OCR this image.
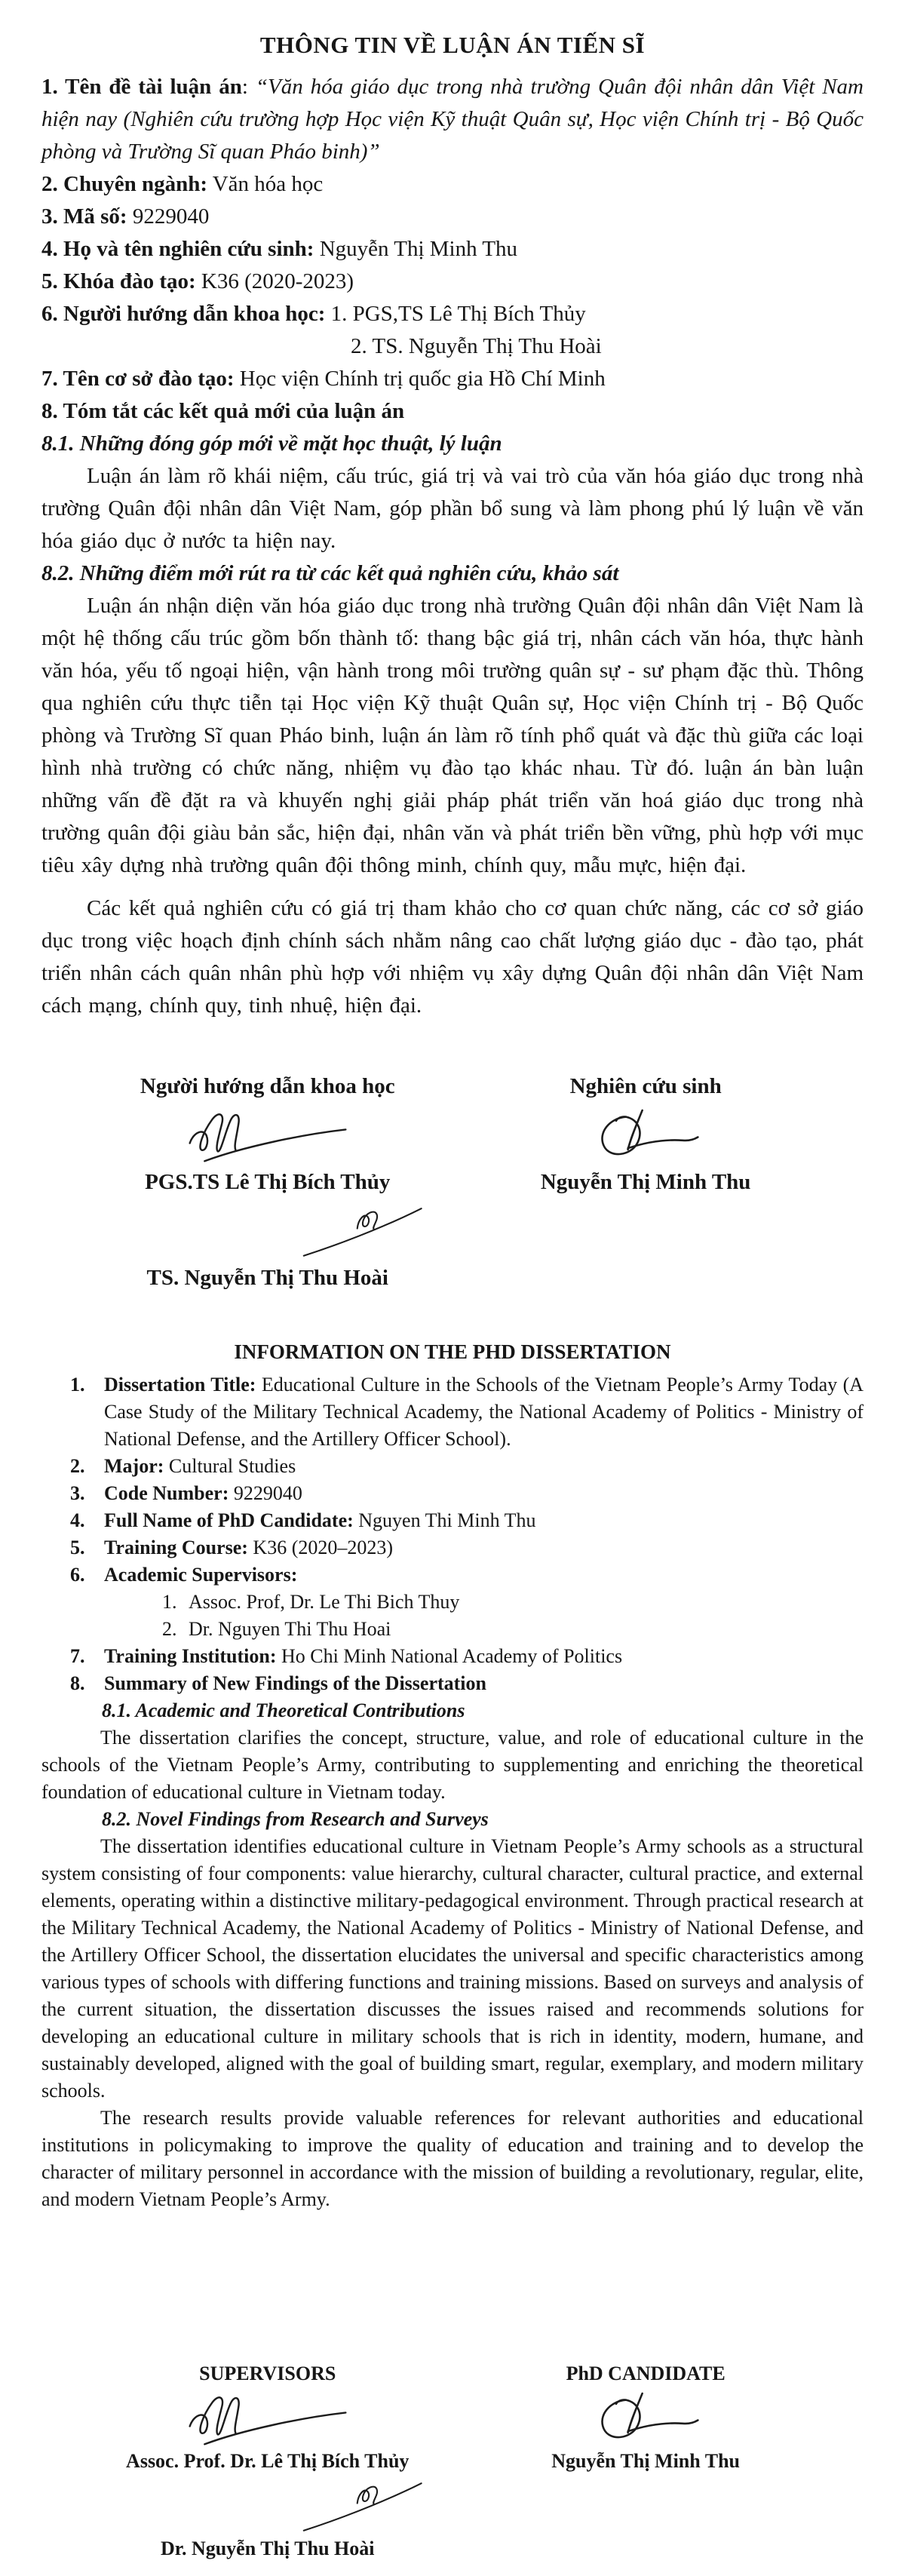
THÔNG TIN VỀ LUẬN ÁN TIẾN SĨ

1. Tên đề tài luận án: “Văn hóa giáo dục trong nhà trường Quân đội nhân dân Việt Nam hiện nay (Nghiên cứu trường hợp Học viện Kỹ thuật Quân sự, Học viện Chính trị - Bộ Quốc phòng và Trường Sĩ quan Pháo binh)”

2. Chuyên ngành: Văn hóa học

3. Mã số: 9229040

4. Họ và tên nghiên cứu sinh: Nguyễn Thị Minh Thu

5. Khóa đào tạo: K36 (2020-2023)

6. Người hướng dẫn khoa học: 1. PGS,TS Lê Thị Bích Thủy

2. TS. Nguyễn Thị Thu Hoài

7. Tên cơ sở đào tạo: Học viện Chính trị quốc gia Hồ Chí Minh

8. Tóm tắt các kết quả mới của luận án

8.1. Những đóng góp mới về mặt học thuật, lý luận

Luận án làm rõ khái niệm, cấu trúc, giá trị và vai trò của văn hóa giáo dục trong nhà trường Quân đội nhân dân Việt Nam, góp phần bổ sung và làm phong phú lý luận về văn hóa giáo dục ở nước ta hiện nay.

8.2. Những điểm mới rút ra từ các kết quả nghiên cứu, khảo sát

Luận án nhận diện văn hóa giáo dục trong nhà trường Quân đội nhân dân Việt Nam là một hệ thống cấu trúc gồm bốn thành tố: thang bậc giá trị, nhân cách văn hóa, thực hành văn hóa, yếu tố ngoại hiện, vận hành trong môi trường quân sự - sư phạm đặc thù. Thông qua nghiên cứu thực tiễn tại Học viện Kỹ thuật Quân sự, Học viện Chính trị - Bộ Quốc phòng và Trường Sĩ quan Pháo binh, luận án làm rõ tính phổ quát và đặc thù giữa các loại hình nhà trường có chức năng, nhiệm vụ đào tạo khác nhau. Từ đó. luận án bàn luận những vấn đề đặt ra và khuyến nghị giải pháp phát triển văn hoá giáo dục trong nhà trường quân đội giàu bản sắc, hiện đại, nhân văn và phát triển bền vững, phù hợp với mục tiêu xây dựng nhà trường quân đội thông minh, chính quy, mẫu mực, hiện đại.

Các kết quả nghiên cứu có giá trị tham khảo cho cơ quan chức năng, các cơ sở giáo dục trong việc hoạch định chính sách nhằm nâng cao chất lượng giáo dục - đào tạo, phát triển nhân cách quân nhân phù hợp với nhiệm vụ xây dựng Quân đội nhân dân Việt Nam cách mạng, chính quy, tinh nhuệ, hiện đại.

Người hướng dẫn khoa học

PGS.TS Lê Thị Bích Thủy

TS. Nguyễn Thị Thu Hoài

Nghiên cứu sinh

Nguyễn Thị Minh Thu

INFORMATION ON THE PHD DISSERTATION
1. Dissertation Title: Educational Culture in the Schools of the Vietnam People’s Army Today (A Case Study of the Military Technical Academy, the National Academy of Politics - Ministry of National Defense, and the Artillery Officer School).
2. Major: Cultural Studies
3. Code Number: 9229040
4. Full Name of PhD Candidate: Nguyen Thi Minh Thu
5. Training Course: K36 (2020–2023)
6. Academic Supervisors:
1. Assoc. Prof, Dr. Le Thi Bich Thuy
2. Dr. Nguyen Thi Thu Hoai
7. Training Institution: Ho Chi Minh National Academy of Politics
8. Summary of New Findings of the Dissertation

8.1. Academic and Theoretical Contributions

The dissertation clarifies the concept, structure, value, and role of educational culture in the schools of the Vietnam People’s Army, contributing to supplementing and enriching the theoretical foundation of educational culture in Vietnam today.

8.2. Novel Findings from Research and Surveys

The dissertation identifies educational culture in Vietnam People’s Army schools as a structural system consisting of four components: value hierarchy, cultural character, cultural practice, and external elements, operating within a distinctive military-pedagogical environment. Through practical research at the Military Technical Academy, the National Academy of Politics - Ministry of National Defense, and the Artillery Officer School, the dissertation elucidates the universal and specific characteristics among various types of schools with differing functions and training missions. Based on surveys and analysis of the current situation, the dissertation discusses the issues raised and recommends solutions for developing an educational culture in military schools that is rich in identity, modern, humane, and sustainably developed, aligned with the goal of building smart, regular, exemplary, and modern military schools.

The research results provide valuable references for relevant authorities and educational institutions in policymaking to improve the quality of education and training and to develop the character of military personnel in accordance with the mission of building a revolutionary, regular, elite, and modern Vietnam People’s Army.

SUPERVISORS

Assoc. Prof. Dr. Lê Thị Bích Thủy

Dr. Nguyễn Thị Thu Hoài

PhD CANDIDATE

Nguyễn Thị Minh Thu
